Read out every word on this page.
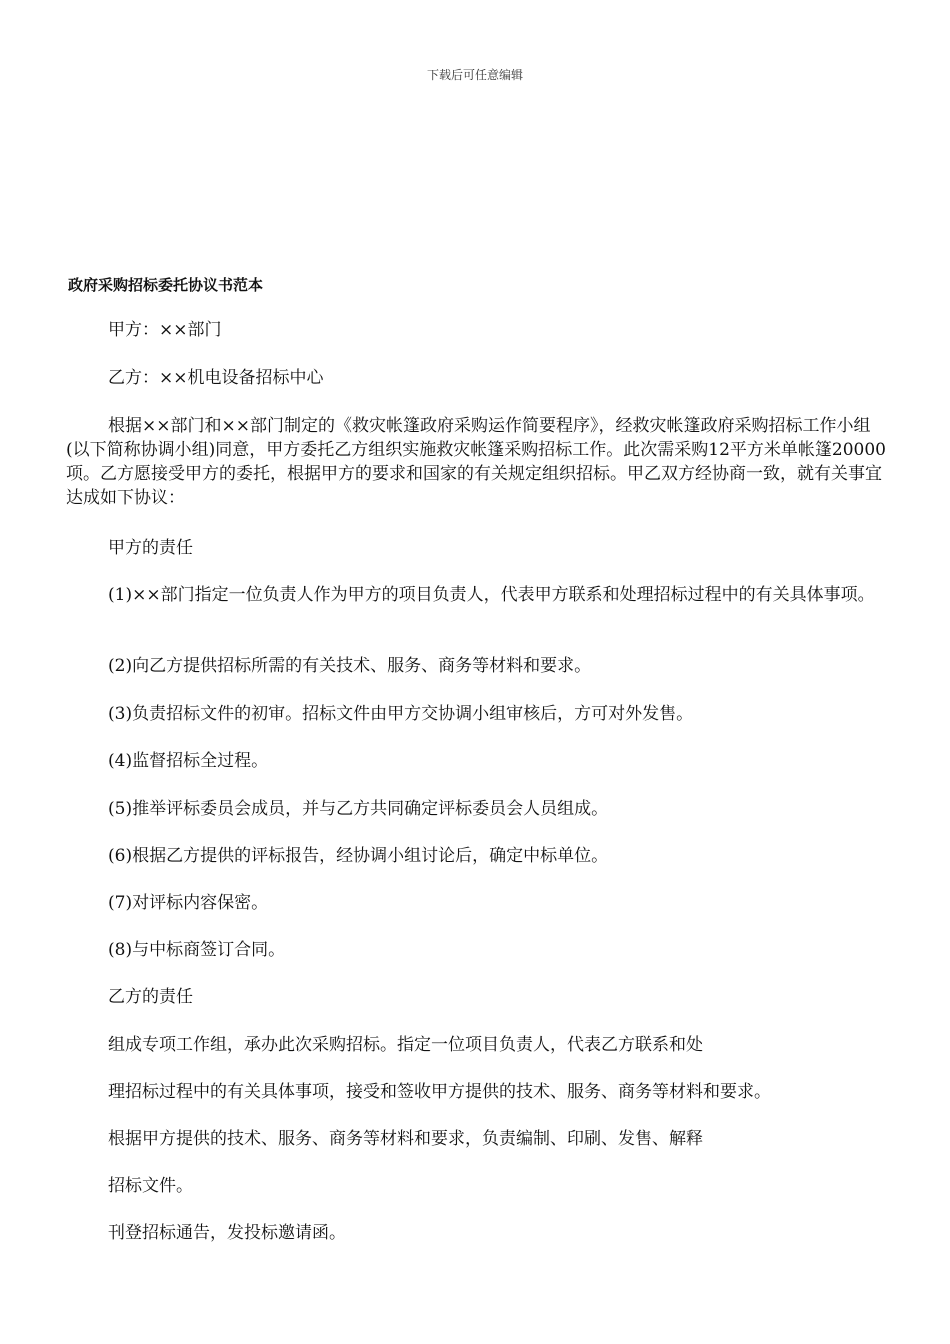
下载后可任意编辑
政府采购招标委托协议书范本

甲方：××部门

乙方：××机电设备招标中心

根据××部门和××部门制定的《救灾帐篷政府采购运作简要程序》，经救灾帐篷政府采购招标工作小组(以下简称协调小组)同意，甲方委托乙方组织实施救灾帐篷采购招标工作。此次需采购12平方米单帐篷20000项。乙方愿接受甲方的委托，根据甲方的要求和国家的有关规定组织招标。甲乙双方经协商一致，就有关事宜达成如下协议：

甲方的责任

(1)××部门指定一位负责人作为甲方的项目负责人，代表甲方联系和处理招标过程中的有关具体事项。

(2)向乙方提供招标所需的有关技术、服务、商务等材料和要求。

(3)负责招标文件的初审。招标文件由甲方交协调小组审核后，方可对外发售。

(4)监督招标全过程。

(5)推举评标委员会成员，并与乙方共同确定评标委员会人员组成。

(6)根据乙方提供的评标报告，经协调小组讨论后，确定中标单位。

(7)对评标内容保密。

(8)与中标商签订合同。

乙方的责任

组成专项工作组，承办此次采购招标。指定一位项目负责人，代表乙方联系和处

理招标过程中的有关具体事项，接受和签收甲方提供的技术、服务、商务等材料和要求。

根据甲方提供的技术、服务、商务等材料和要求，负责编制、印刷、发售、解释

招标文件。

刊登招标通告，发投标邀请函。
